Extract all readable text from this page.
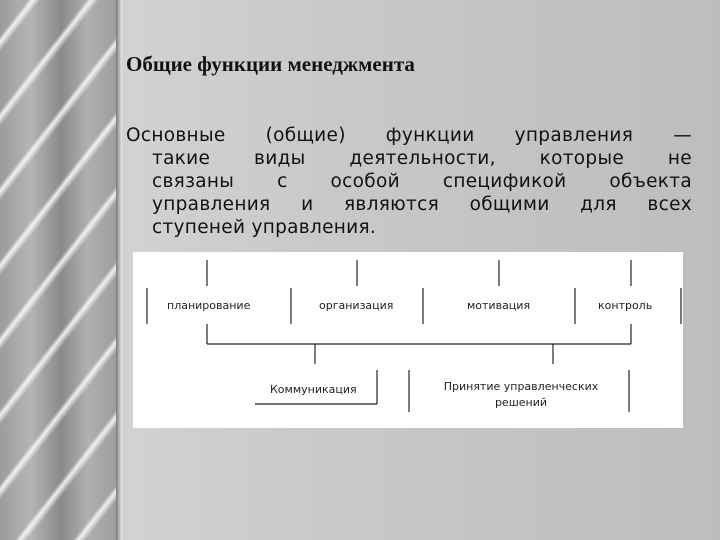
Общие функции менеджмента
Основные (общие) функции управления —
такие виды деятельности, которые не
связаны с особой спецификой объекта
управления и являются общими для всех
ступеней управления.
планирование	организация	мотивация	контроль
Коммуникация	Принятие управленческих
решений
